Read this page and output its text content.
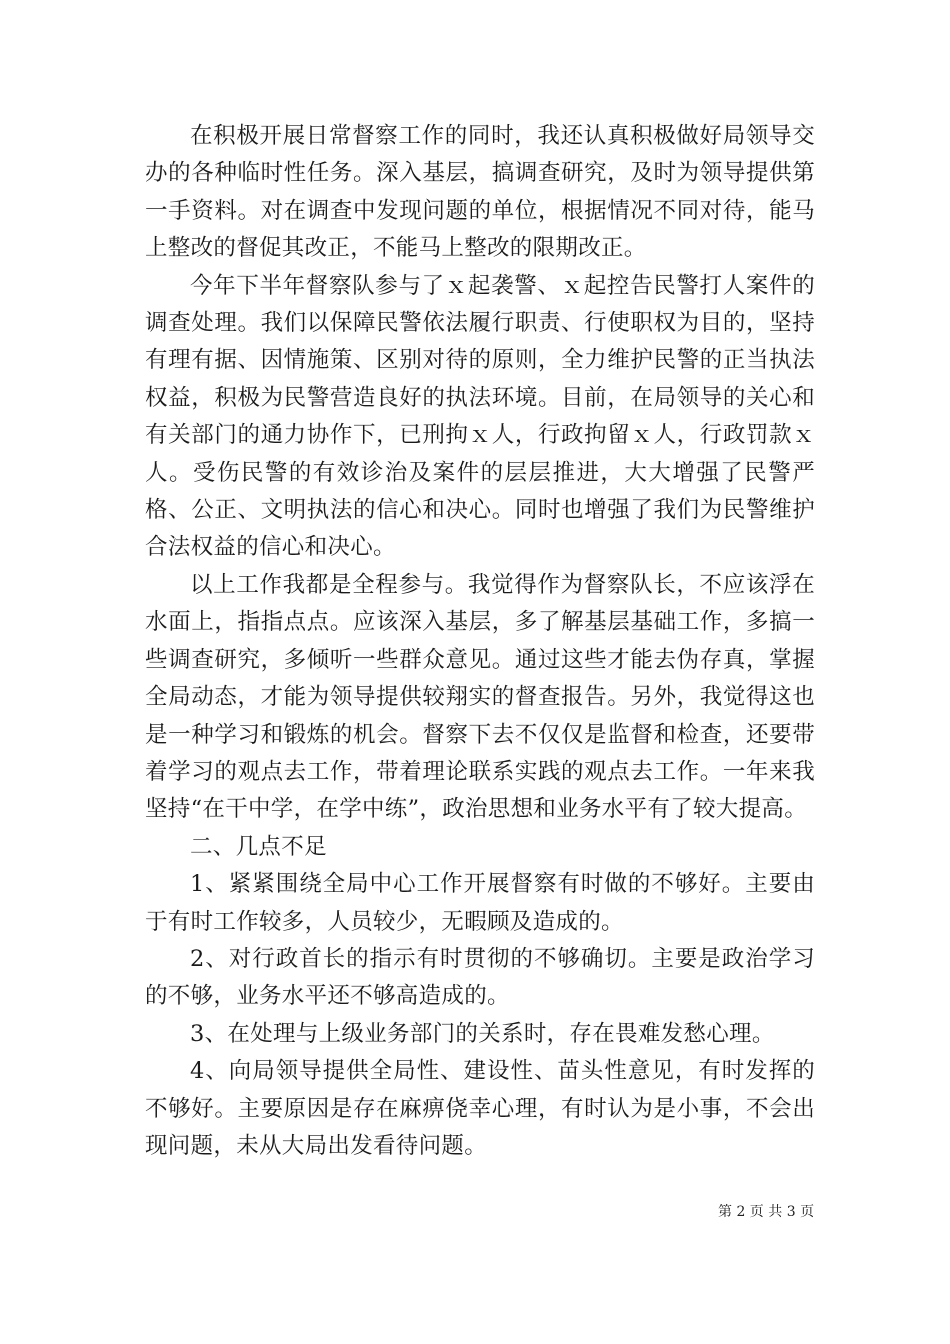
在积极开展日常督察工作的同时，我还认真积极做好局领导交办的各种临时性任务。深入基层，搞调查研究，及时为领导提供第一手资料。对在调查中发现问题的单位，根据情况不同对待，能马上整改的督促其改正，不能马上整改的限期改正。

今年下半年督察队参与了ｘ起袭警、ｘ起控告民警打人案件的调查处理。我们以保障民警依法履行职责、行使职权为目的，坚持有理有据、因情施策、区别对待的原则，全力维护民警的正当执法权益，积极为民警营造良好的执法环境。目前，在局领导的关心和有关部门的通力协作下，已刑拘ｘ人，行政拘留ｘ人，行政罚款ｘ人。受伤民警的有效诊治及案件的层层推进，大大增强了民警严格、公正、文明执法的信心和决心。同时也增强了我们为民警维护合法权益的信心和决心。

以上工作我都是全程参与。我觉得作为督察队长，不应该浮在水面上，指指点点。应该深入基层，多了解基层基础工作，多搞一些调查研究，多倾听一些群众意见。通过这些才能去伪存真，掌握全局动态，才能为领导提供较翔实的督查报告。另外，我觉得这也是一种学习和锻炼的机会。督察下去不仅仅是监督和检查，还要带着学习的观点去工作，带着理论联系实践的观点去工作。一年来我坚持“在干中学，在学中练”，政治思想和业务水平有了较大提高。

二、几点不足

1、紧紧围绕全局中心工作开展督察有时做的不够好。主要由于有时工作较多，人员较少，无暇顾及造成的。

2、对行政首长的指示有时贯彻的不够确切。主要是政治学习的不够，业务水平还不够高造成的。

3、在处理与上级业务部门的关系时，存在畏难发愁心理。

4、向局领导提供全局性、建设性、苗头性意见，有时发挥的不够好。主要原因是存在麻痹侥幸心理，有时认为是小事，不会出现问题，未从大局出发看待问题。

第 2 页 共 3 页
